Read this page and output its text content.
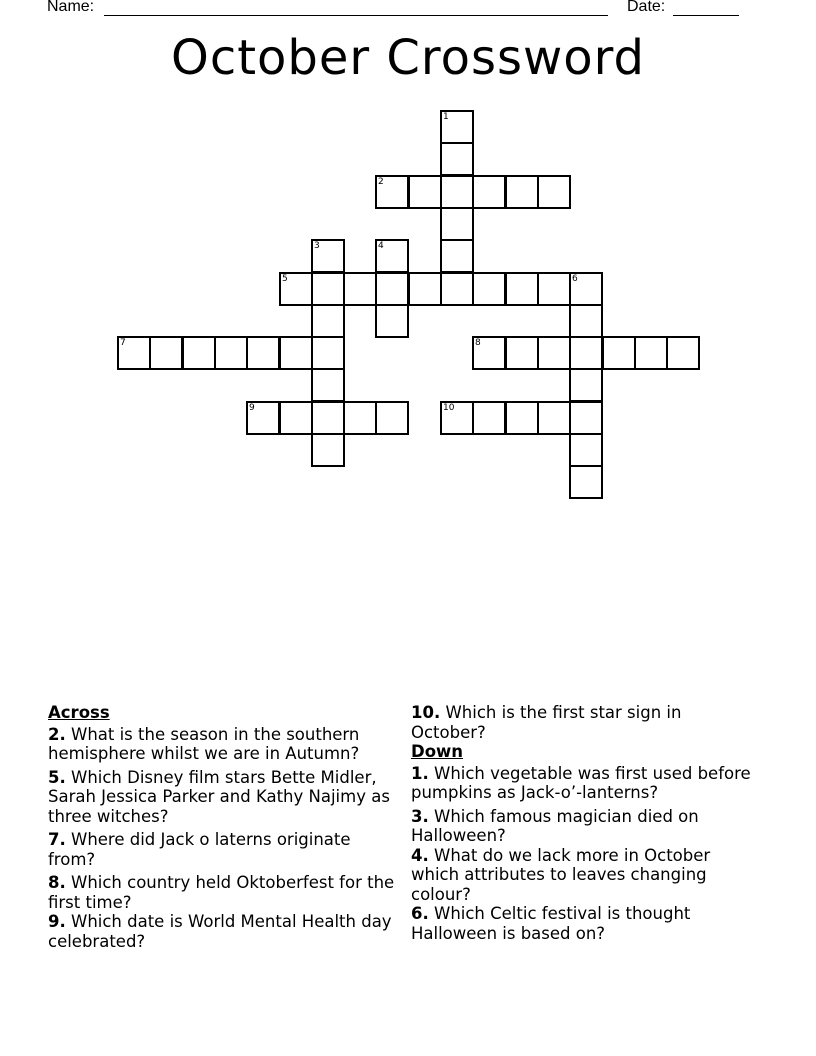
Name:	Date:
October Crossword
1
2
3	4
5	6
7	8
9	10
Across
2. What is the season in the southern hemisphere whilst we are in Autumn?
5. Which Disney film stars Bette Midler, Sarah Jessica Parker and Kathy Najimy as three witches?
7. Where did Jack o laterns originate from?
8. Which country held Oktoberfest for the first time?
9. Which date is World Mental Health day celebrated?
10. Which is the first star sign in October?
Down
1. Which vegetable was first used before pumpkins as Jack-o’-lanterns?
3. Which famous magician died on Halloween?
4. What do we lack more in October which attributes to leaves changing colour?
6. Which Celtic festival is thought Halloween is based on?
